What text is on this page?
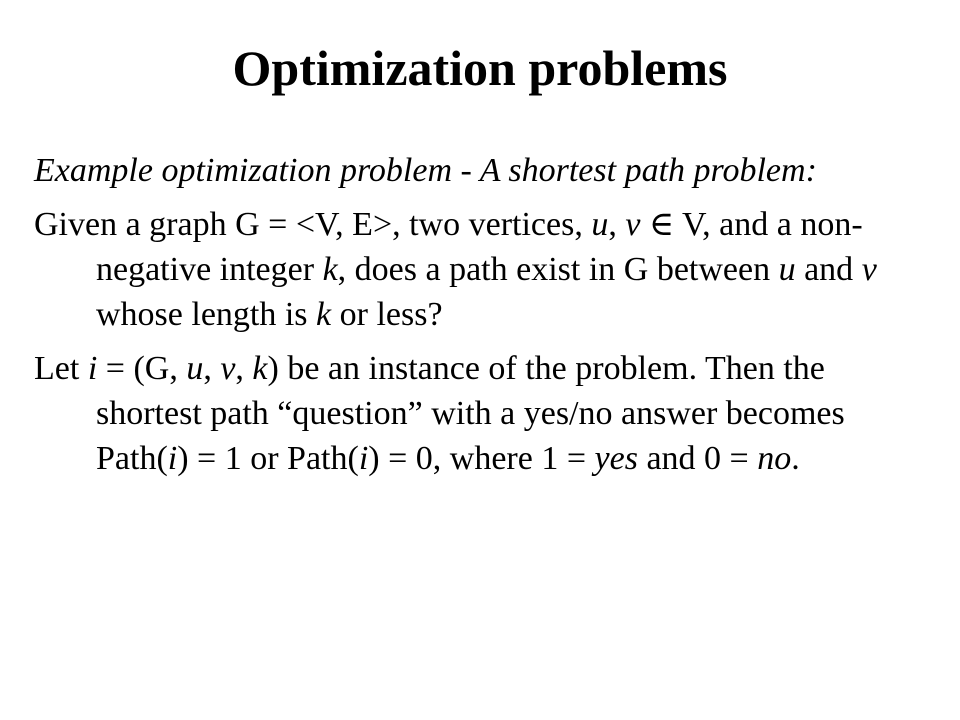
Optimization problems

Example optimization problem - A shortest path problem:

Given a graph G = <V, E>, two vertices, u, v ∈ V, and a non-negative integer k, does a path exist in G between u and v whose length is k or less?

Let i = (G, u, v, k) be an instance of the problem. Then the shortest path “question” with a yes/no answer becomes Path(i) = 1 or Path(i) = 0, where 1 = yes and 0 = no.
